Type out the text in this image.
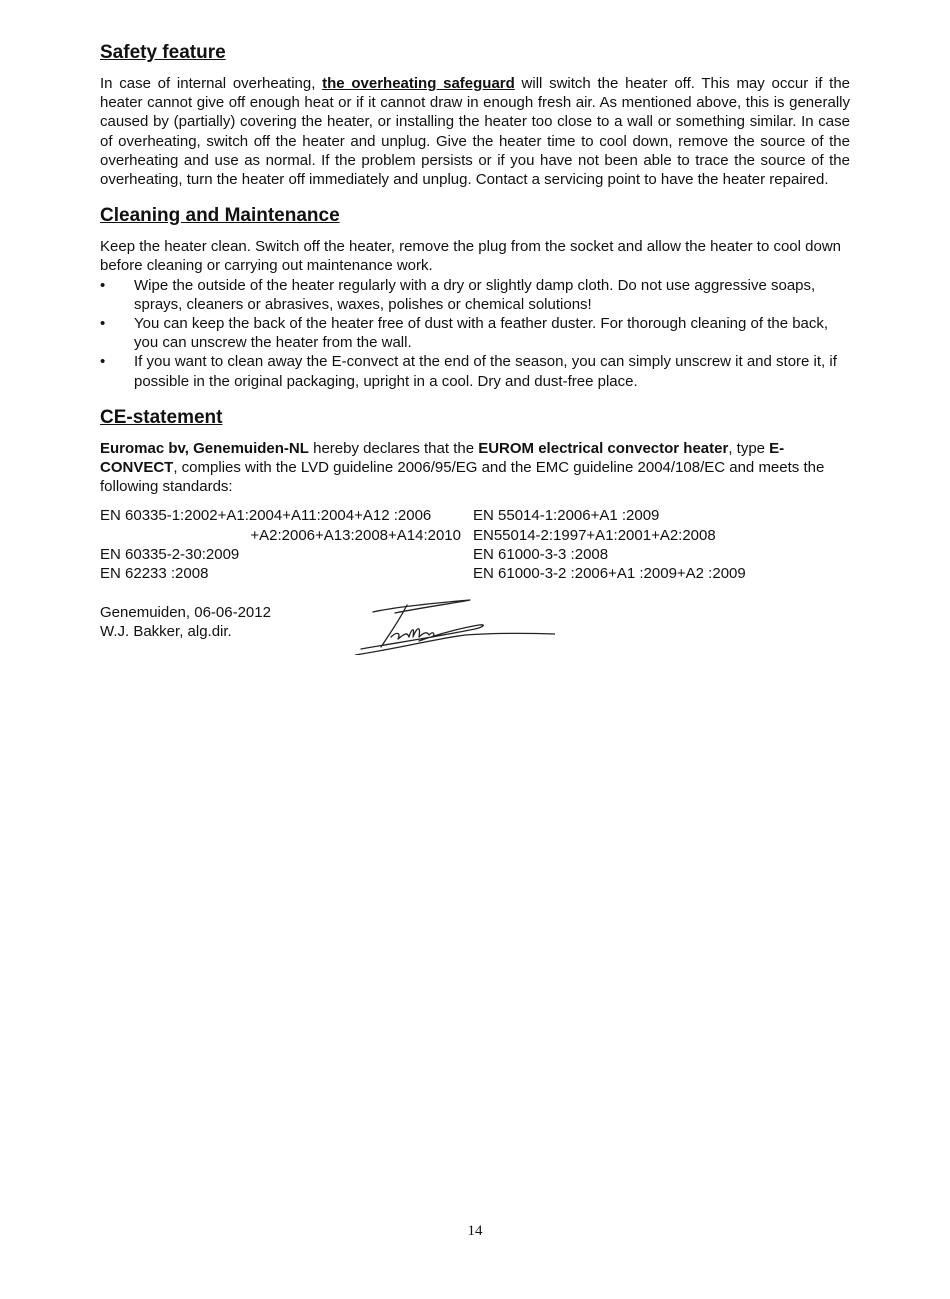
Safety feature

In case of internal overheating, the overheating safeguard will switch the heater off. This may occur if the heater cannot give off enough heat or if it cannot draw in enough fresh air. As mentioned above, this is generally caused by (partially) covering the heater, or installing the heater too close to a wall or something similar. In case of overheating, switch off the heater and unplug. Give the heater time to cool down, remove the source of the overheating and use as normal. If the problem persists or if you have not been able to trace the source of the overheating, turn the heater off immediately and unplug. Contact a servicing point to have the heater repaired.

Cleaning and Maintenance

Keep the heater clean. Switch off the heater, remove the plug from the socket and allow the heater to cool down before cleaning or carrying out maintenance work.

• Wipe the outside of the heater regularly with a dry or slightly damp cloth. Do not use aggressive soaps, sprays, cleaners or abrasives, waxes, polishes or chemical solutions!
• You can keep the back of the heater free of dust with a feather duster. For thorough cleaning of the back, you can unscrew the heater from the wall.
• If you want to clean away the E-convect at the end of the season, you can simply unscrew it and store it, if possible in the original packaging, upright in a cool. Dry and dust-free place.
CE-statement

Euromac bv, Genemuiden-NL hereby declares that the EUROM electrical convector heater, type E-CONVECT, complies with the LVD guideline 2006/95/EG and the EMC guideline 2004/108/EC and meets the following standards:

EN 60335-1:2002+A1:2004+A11:2004+A12 :2006
+A2:2006+A13:2008+A14:2010
EN 60335-2-30:2009
EN 62233 :2008
EN 55014-1:2006+A1 :2009
EN55014-2:1997+A1:2001+A2:2008
EN 61000-3-3 :2008
EN 61000-3-2 :2006+A1 :2009+A2 :2009

Genemuiden, 06-06-2012

W.J. Bakker, alg.dir.

14
